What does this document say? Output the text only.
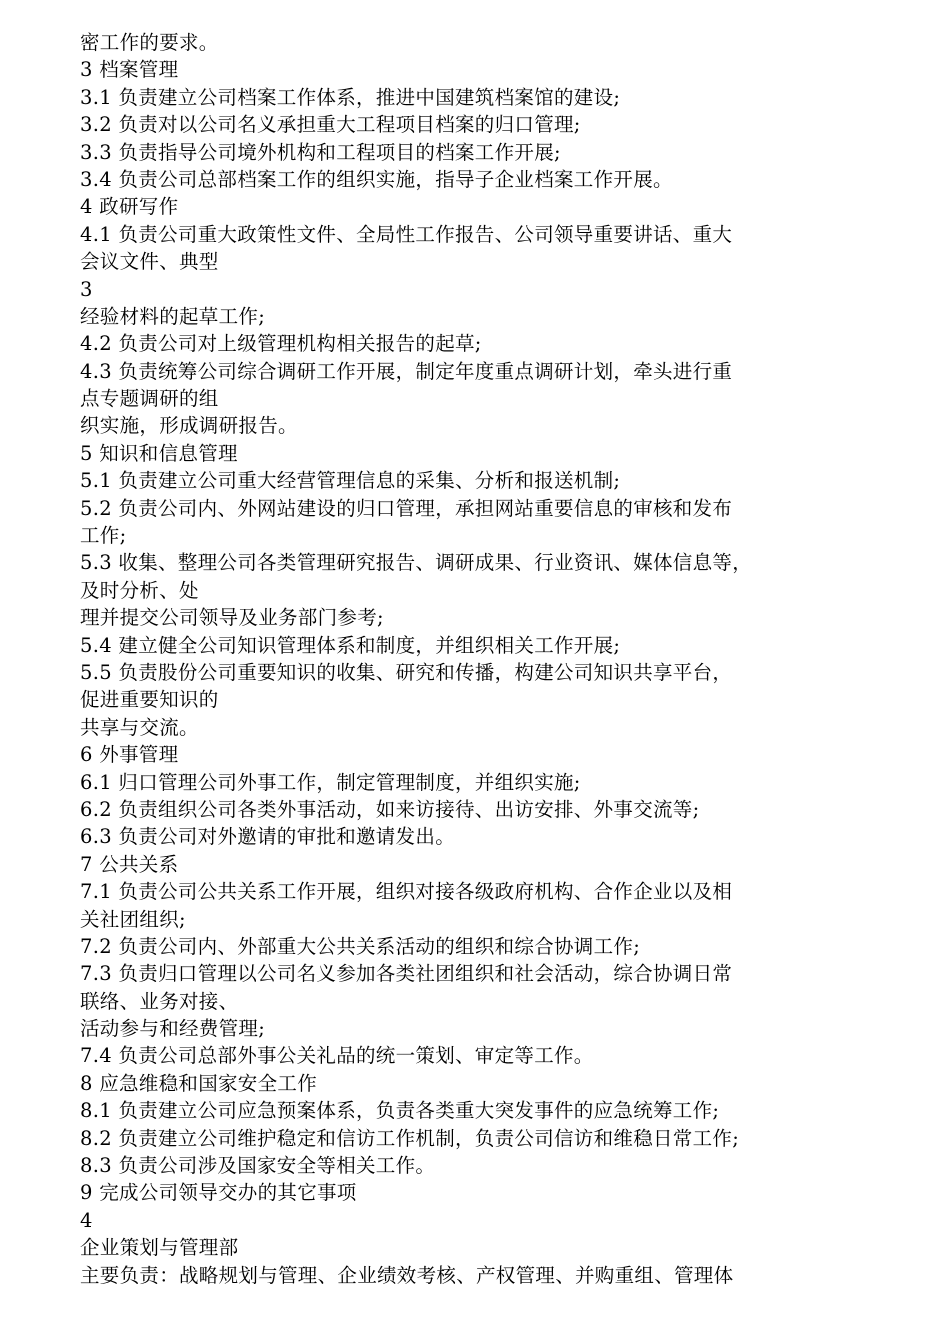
密工作的要求。
3 档案管理
3.1 负责建立公司档案工作体系，推进中国建筑档案馆的建设;
3.2 负责对以公司名义承担重大工程项目档案的归口管理;
3.3 负责指导公司境外机构和工程项目的档案工作开展;
3.4 负责公司总部档案工作的组织实施，指导子企业档案工作开展。
4 政研写作
4.1 负责公司重大政策性文件、全局性工作报告、公司领导重要讲话、重大
会议文件、典型
3
经验材料的起草工作;
4.2 负责公司对上级管理机构相关报告的起草;
4.3 负责统筹公司综合调研工作开展，制定年度重点调研计划，牵头进行重
点专题调研的组
织实施，形成调研报告。
5 知识和信息管理
5.1 负责建立公司重大经营管理信息的采集、分析和报送机制;
5.2 负责公司内、外网站建设的归口管理，承担网站重要信息的审核和发布
工作;
5.3 收集、整理公司各类管理研究报告、调研成果、行业资讯、媒体信息等，
及时分析、处
理并提交公司领导及业务部门参考;
5.4 建立健全公司知识管理体系和制度，并组织相关工作开展;
5.5 负责股份公司重要知识的收集、研究和传播，构建公司知识共享平台，
促进重要知识的
共享与交流。
6 外事管理
6.1 归口管理公司外事工作，制定管理制度，并组织实施;
6.2 负责组织公司各类外事活动，如来访接待、出访安排、外事交流等;
6.3 负责公司对外邀请的审批和邀请发出。
7 公共关系
7.1 负责公司公共关系工作开展，组织对接各级政府机构、合作企业以及相
关社团组织;
7.2 负责公司内、外部重大公共关系活动的组织和综合协调工作;
7.3 负责归口管理以公司名义参加各类社团组织和社会活动，综合协调日常
联络、业务对接、
活动参与和经费管理;
7.4 负责公司总部外事公关礼品的统一策划、审定等工作。
8 应急维稳和国家安全工作
8.1 负责建立公司应急预案体系，负责各类重大突发事件的应急统筹工作;
8.2 负责建立公司维护稳定和信访工作机制，负责公司信访和维稳日常工作;
8.3 负责公司涉及国家安全等相关工作。
9 完成公司领导交办的其它事项
4
企业策划与管理部
主要负责：战略规划与管理、企业绩效考核、产权管理、并购重组、管理体
